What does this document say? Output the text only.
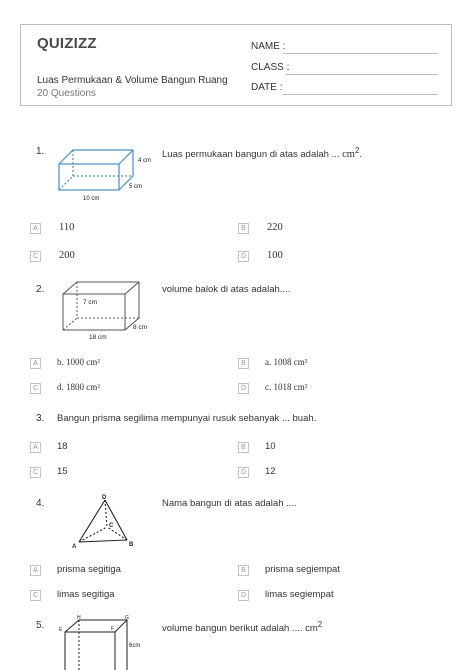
QUIZIZZ
Luas Permukaan & Volume Bangun Ruang
20 Questions
NAME :
CLASS :
DATE :
1.
4 cm
5 cm
10 cm
Luas permukaan bangun di atas adalah ... $cm^2$.
A	110	B	220
C 200	D 100
2.
7 cm
8 cm
18 cm
volume balok di atas adalah....
A	b. 1000 cm²	B	a. 1008 cm²
C	d. 1800 cm²	D	c. 1018 cm²
3. Bangun prisma segilima mempunyai rusuk sebanyak ... buah.
A	18	B	10
C	15	D	12
4.	D
C
A	B
Nama bangun di atas adalah ....
A	prisma segitiga	B	prisma segiempat
C	limas segitiga	D	limas segiempat
5.
H	G
E	F
6cm
volume bangun berikut adalah .... $cm^2$
